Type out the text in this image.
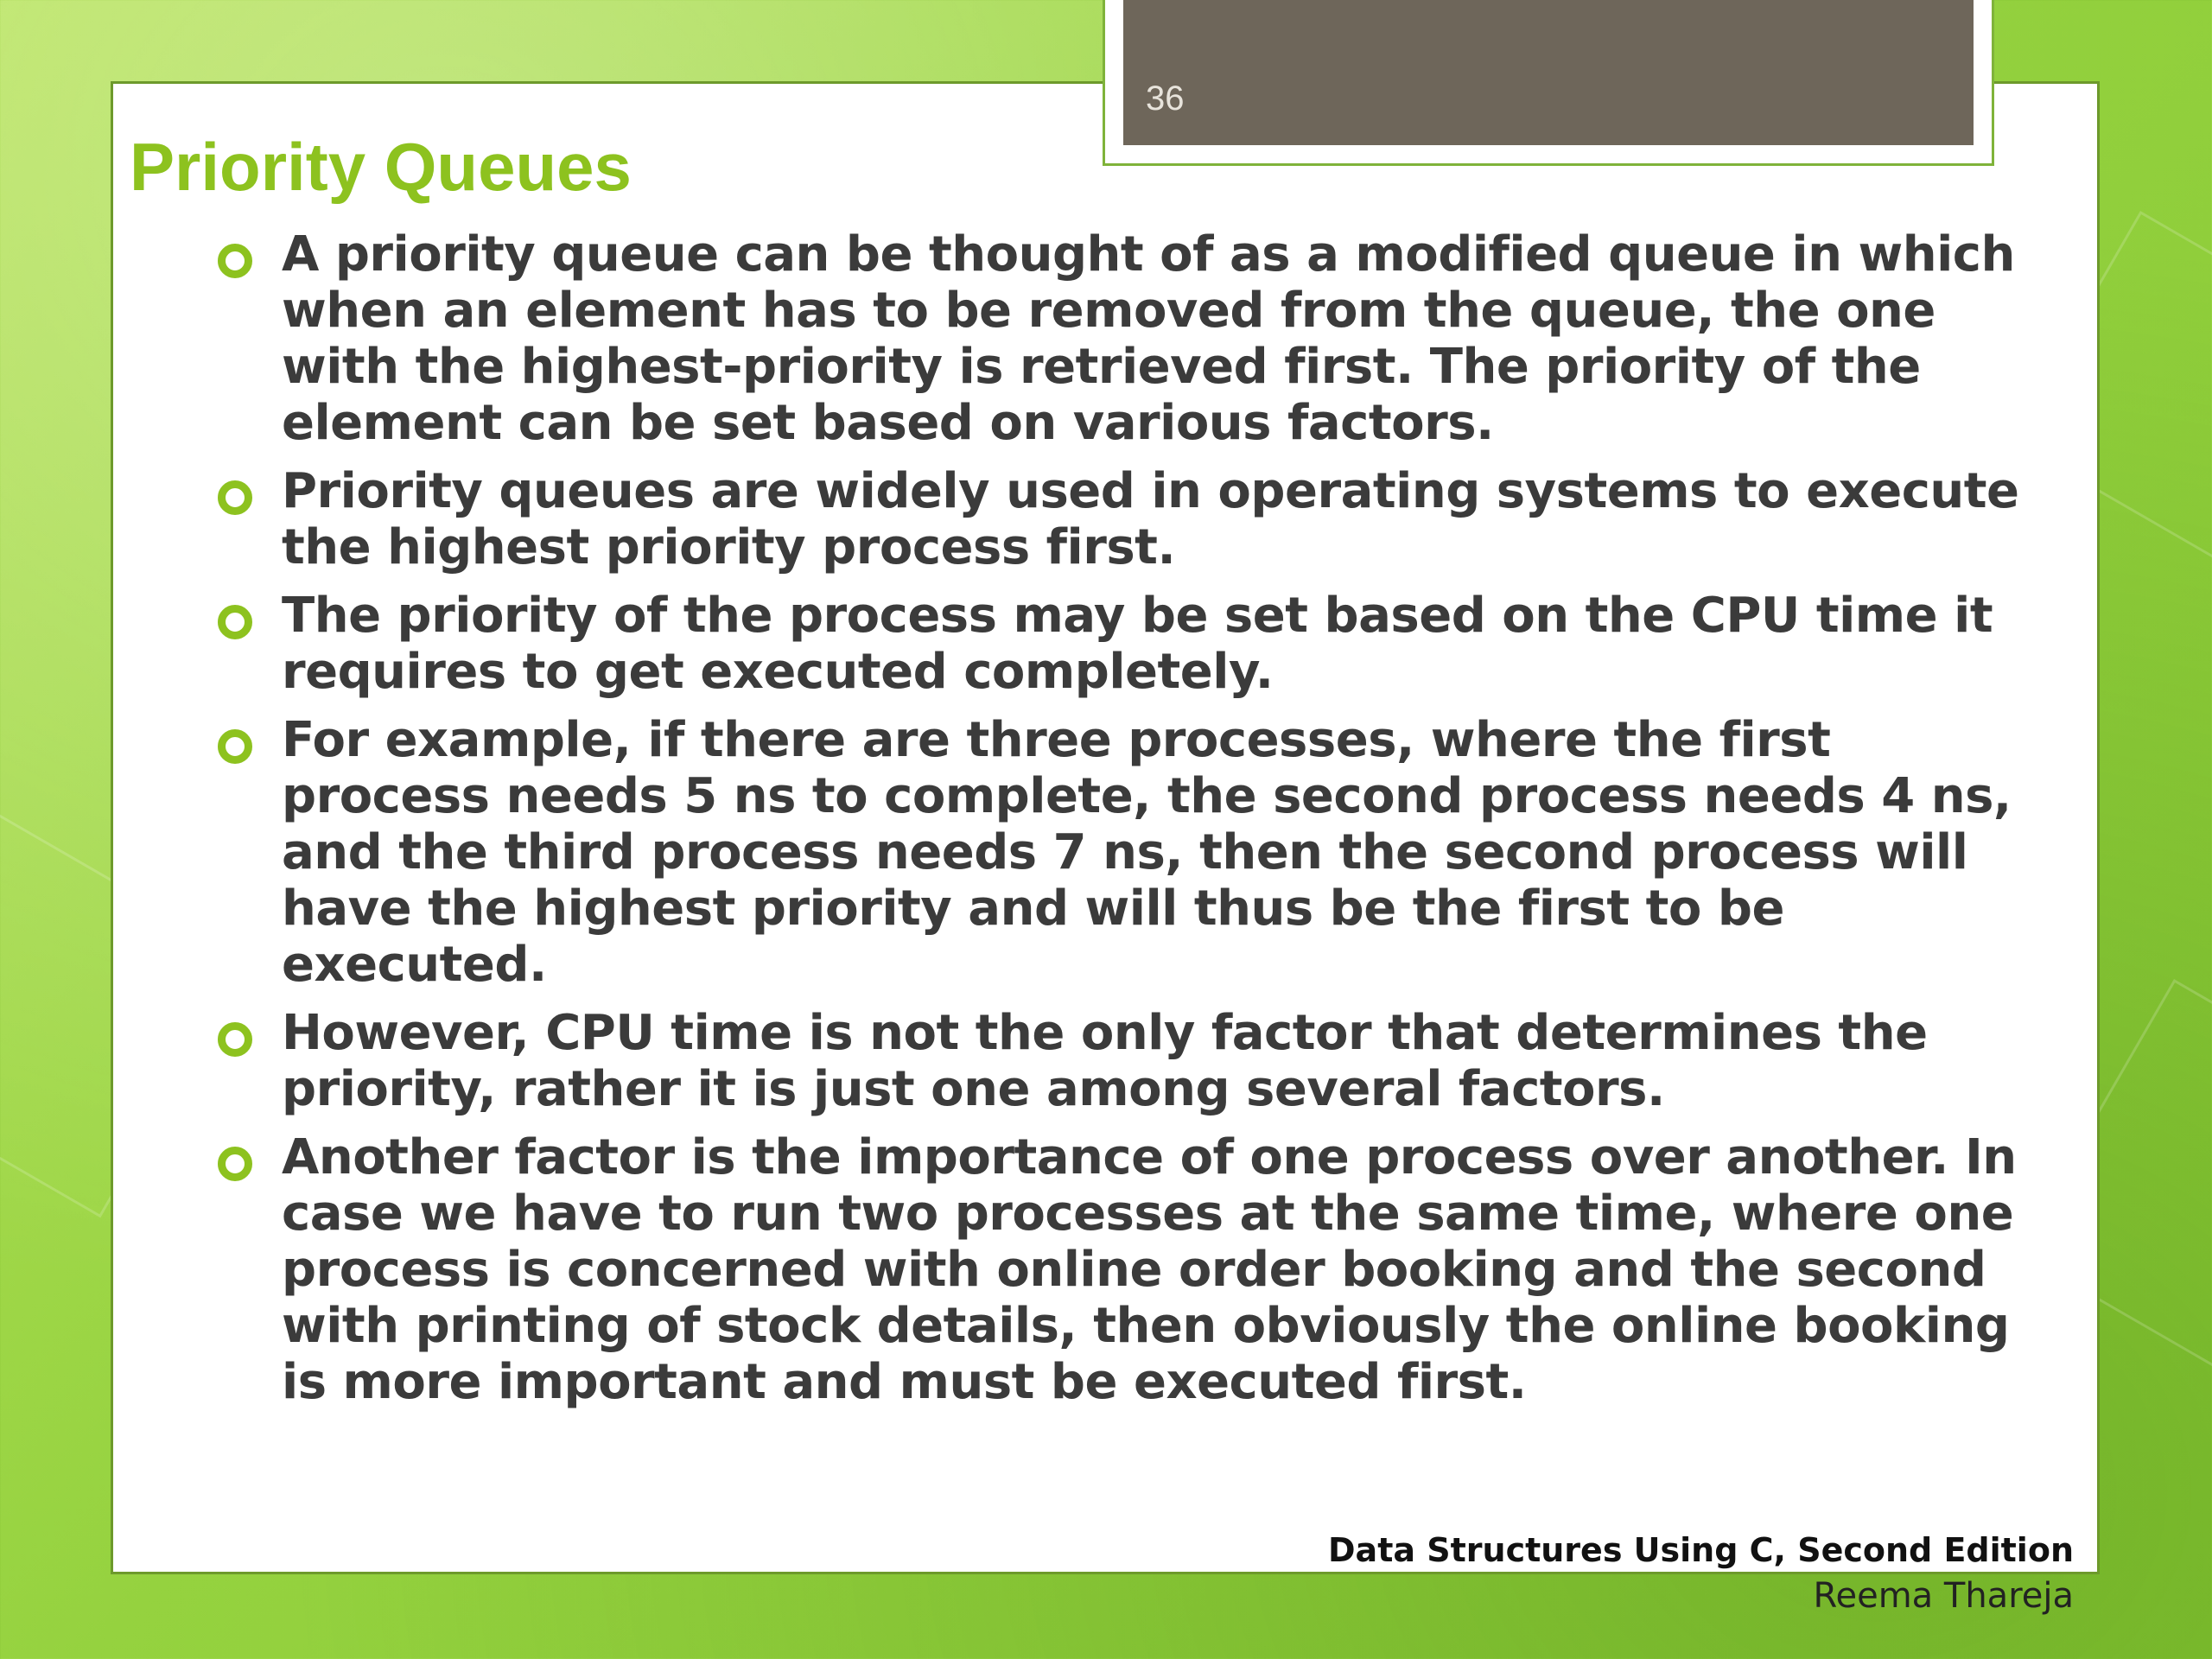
36
Priority Queues
A priority queue can be thought of as a modified queue in which when an element has to be removed from the queue, the one with the highest-priority is retrieved first. The priority of the element can be set based on various factors.
Priority queues are widely used in operating systems to execute the highest priority process first.
The priority of the process may be set based on the CPU time it requires to get executed completely.
For example, if there are three processes, where the first process needs 5 ns to complete, the second process needs 4 ns, and the third process needs 7 ns, then the second process will have the highest priority and will thus be the first to be executed.
However, CPU time is not the only factor that determines the priority, rather it is just one among several factors.
Another factor is the importance of one process over another. In case we have to run two processes at the same time, where one process is concerned with online order booking and the second with printing of stock details, then obviously the online booking is more important and must be executed first.
Data Structures Using C, Second Edition
Reema Thareja
